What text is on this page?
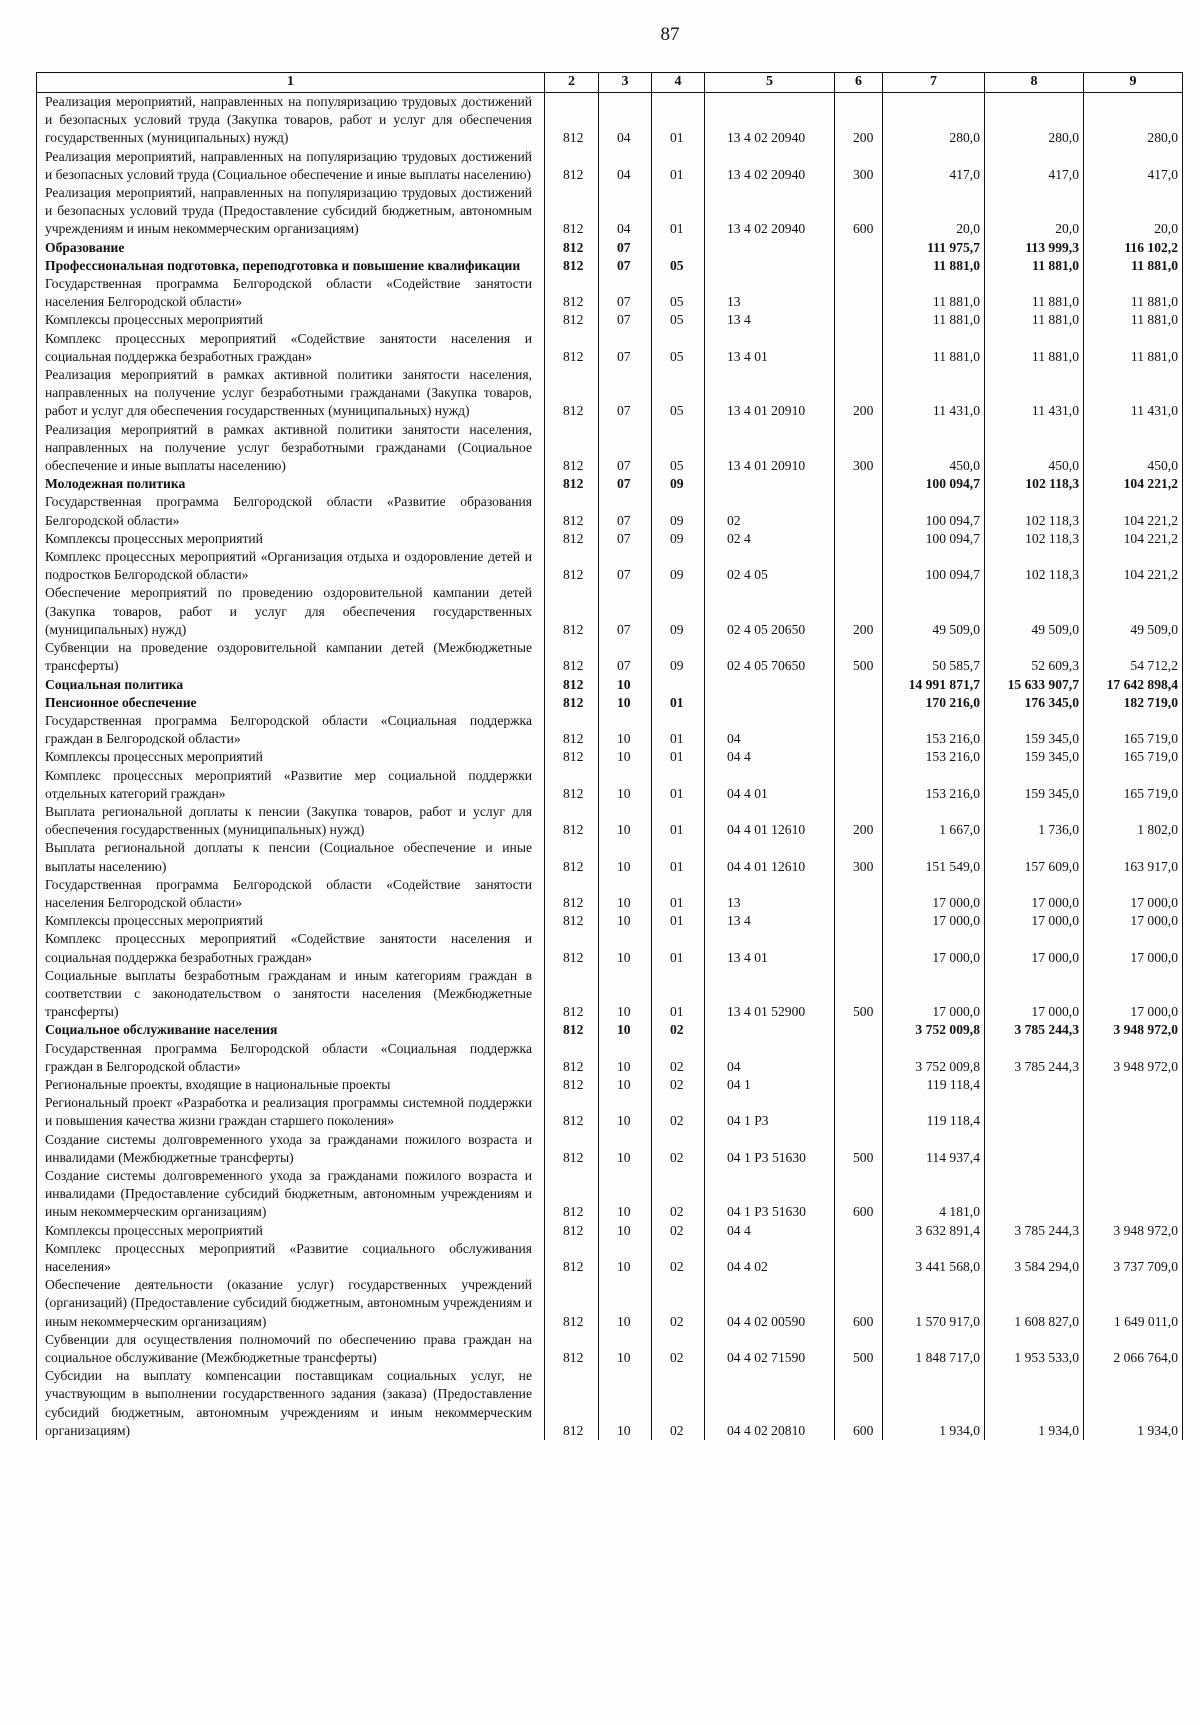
87
1	2	3	4	5	6	7	8	9
Реализация мероприятий, направленных на популяризацию трудовых достижений и безопасных условий труда (Закупка товаров, работ и услуг для обеспечения государственных (муниципальных) нужд)	812	04	01	13 4 02 20940	200	280,0	280,0	280,0
Реализация мероприятий, направленных на популяризацию трудовых достижений и безопасных условий труда (Социальное обеспечение и иные выплаты населению)	812	04	01	13 4 02 20940	300	417,0	417,0	417,0
Реализация мероприятий, направленных на популяризацию трудовых достижений и безопасных условий труда (Предоставление субсидий бюджетным, автономным учреждениям и иным некоммерческим организациям)	812	04	01	13 4 02 20940	600	20,0	20,0	20,0
Образование	812	07				111 975,7	113 999,3	116 102,2
Профессиональная подготовка, переподготовка и повышение квалификации	812	07	05			11 881,0	11 881,0	11 881,0
Государственная программа Белгородской области «Содействие занятости населения Белгородской области»	812	07	05	13		11 881,0	11 881,0	11 881,0
Комплексы процессных мероприятий	812	07	05	13 4		11 881,0	11 881,0	11 881,0
Комплекс процессных мероприятий «Содействие занятости населения и социальная поддержка безработных граждан»	812	07	05	13 4 01		11 881,0	11 881,0	11 881,0
Реализация мероприятий в рамках активной политики занятости населения, направленных на получение услуг безработными гражданами (Закупка товаров, работ и услуг для обеспечения государственных (муниципальных) нужд)	812	07	05	13 4 01 20910	200	11 431,0	11 431,0	11 431,0
Реализация мероприятий в рамках активной политики занятости населения, направленных на получение услуг безработными гражданами (Социальное обеспечение и иные выплаты населению)	812	07	05	13 4 01 20910	300	450,0	450,0	450,0
Молодежная политика	812	07	09			100 094,7	102 118,3	104 221,2
Государственная программа Белгородской области «Развитие образования Белгородской области»	812	07	09	02		100 094,7	102 118,3	104 221,2
Комплексы процессных мероприятий	812	07	09	02 4		100 094,7	102 118,3	104 221,2
Комплекс процессных мероприятий «Организация отдыха и оздоровление детей и подростков Белгородской области»	812	07	09	02 4 05		100 094,7	102 118,3	104 221,2
Обеспечение мероприятий по проведению оздоровительной кампании детей (Закупка товаров, работ и услуг для обеспечения государственных (муниципальных) нужд)	812	07	09	02 4 05 20650	200	49 509,0	49 509,0	49 509,0
Субвенции на проведение оздоровительной кампании детей (Межбюджетные трансферты)	812	07	09	02 4 05 70650	500	50 585,7	52 609,3	54 712,2
Социальная политика	812	10				14 991 871,7	15 633 907,7	17 642 898,4
Пенсионное обеспечение	812	10	01			170 216,0	176 345,0	182 719,0
Государственная программа Белгородской области «Социальная поддержка граждан в Белгородской области»	812	10	01	04		153 216,0	159 345,0	165 719,0
Комплексы процессных мероприятий	812	10	01	04 4		153 216,0	159 345,0	165 719,0
Комплекс процессных мероприятий «Развитие мер социальной поддержки отдельных категорий граждан»	812	10	01	04 4 01		153 216,0	159 345,0	165 719,0
Выплата региональной доплаты к пенсии (Закупка товаров, работ и услуг для обеспечения государственных (муниципальных) нужд)	812	10	01	04 4 01 12610	200	1 667,0	1 736,0	1 802,0
Выплата региональной доплаты к пенсии (Социальное обеспечение и иные выплаты населению)	812	10	01	04 4 01 12610	300	151 549,0	157 609,0	163 917,0
Государственная программа Белгородской области «Содействие занятости населения Белгородской области»	812	10	01	13		17 000,0	17 000,0	17 000,0
Комплексы процессных мероприятий	812	10	01	13 4		17 000,0	17 000,0	17 000,0
Комплекс процессных мероприятий «Содействие занятости населения и социальная поддержка безработных граждан»	812	10	01	13 4 01		17 000,0	17 000,0	17 000,0
Социальные выплаты безработным гражданам и иным категориям граждан в соответствии с законодательством о занятости населения (Межбюджетные трансферты)	812	10	01	13 4 01 52900	500	17 000,0	17 000,0	17 000,0
Социальное обслуживание населения	812	10	02			3 752 009,8	3 785 244,3	3 948 972,0
Государственная программа Белгородской области «Социальная поддержка граждан в Белгородской области»	812	10	02	04		3 752 009,8	3 785 244,3	3 948 972,0
Региональные проекты, входящие в национальные проекты	812	10	02	04 1		119 118,4		
Региональный проект «Разработка и реализация программы системной поддержки и повышения качества жизни граждан старшего поколения»	812	10	02	04 1 P3		119 118,4		
Создание системы долговременного ухода за гражданами пожилого возраста и инвалидами (Межбюджетные трансферты)	812	10	02	04 1 P3 51630	500	114 937,4		
Создание системы долговременного ухода за гражданами пожилого возраста и инвалидами (Предоставление субсидий бюджетным, автономным учреждениям и иным некоммерческим организациям)	812	10	02	04 1 P3 51630	600	4 181,0		
Комплексы процессных мероприятий	812	10	02	04 4		3 632 891,4	3 785 244,3	3 948 972,0
Комплекс процессных мероприятий «Развитие социального обслуживания населения»	812	10	02	04 4 02		3 441 568,0	3 584 294,0	3 737 709,0
Обеспечение деятельности (оказание услуг) государственных учреждений (организаций) (Предоставление субсидий бюджетным, автономным учреждениям и иным некоммерческим организациям)	812	10	02	04 4 02 00590	600	1 570 917,0	1 608 827,0	1 649 011,0
Субвенции для осуществления полномочий по обеспечению права граждан на социальное обслуживание (Межбюджетные трансферты)	812	10	02	04 4 02 71590	500	1 848 717,0	1 953 533,0	2 066 764,0
Субсидии на выплату компенсации поставщикам социальных услуг, не участвующим в выполнении государственного задания (заказа) (Предоставление субсидий бюджетным, автономным учреждениям и иным некоммерческим организациям)	812	10	02	04 4 02 20810	600	1 934,0	1 934,0	1 934,0
